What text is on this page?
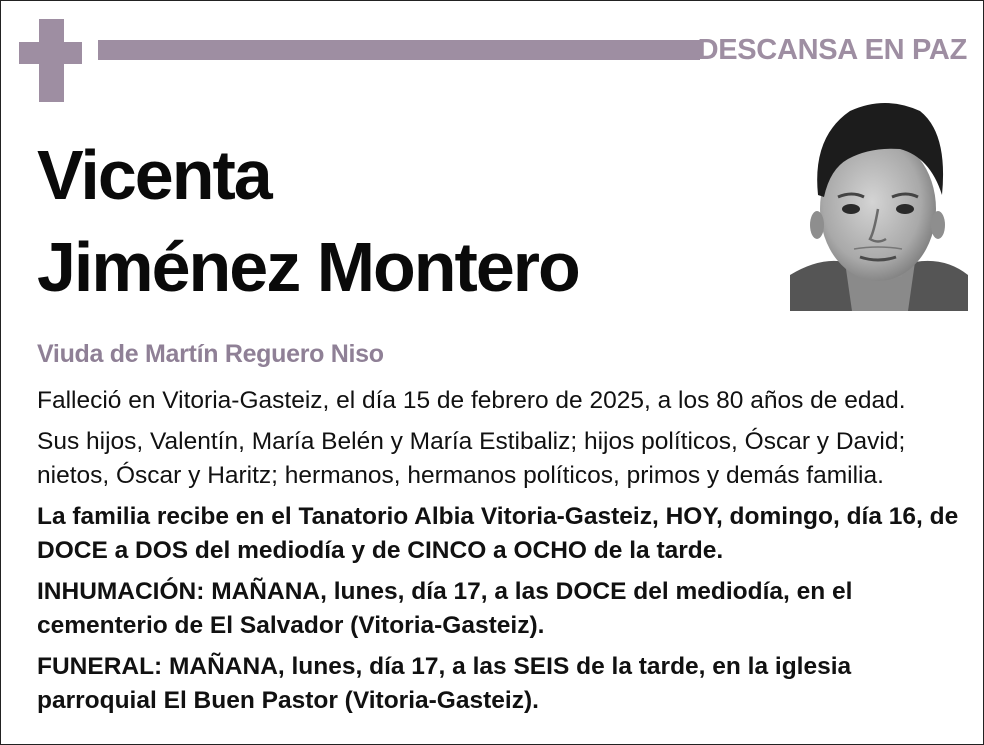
DESCANSA EN PAZ
Vicenta
Jiménez Montero
Viuda de Martín Reguero Niso

Falleció en Vitoria-Gasteiz, el día 15 de febrero de 2025, a los 80 años de edad.

Sus hijos, Valentín, María Belén y María Estibaliz; hijos políticos, Óscar y David; nietos, Óscar y Haritz; hermanos, hermanos políticos, primos y demás familia.

La familia recibe en el Tanatorio Albia Vitoria-Gasteiz, HOY, domingo, día 16, de DOCE a DOS del mediodía y de CINCO a OCHO de la tarde.

INHUMACIÓN: MAÑANA, lunes, día 17, a las DOCE del mediodía, en el cementerio de El Salvador (Vitoria-Gasteiz).

FUNERAL: MAÑANA, lunes, día 17, a las SEIS de la tarde, en la iglesia parroquial El Buen Pastor (Vitoria-Gasteiz).
